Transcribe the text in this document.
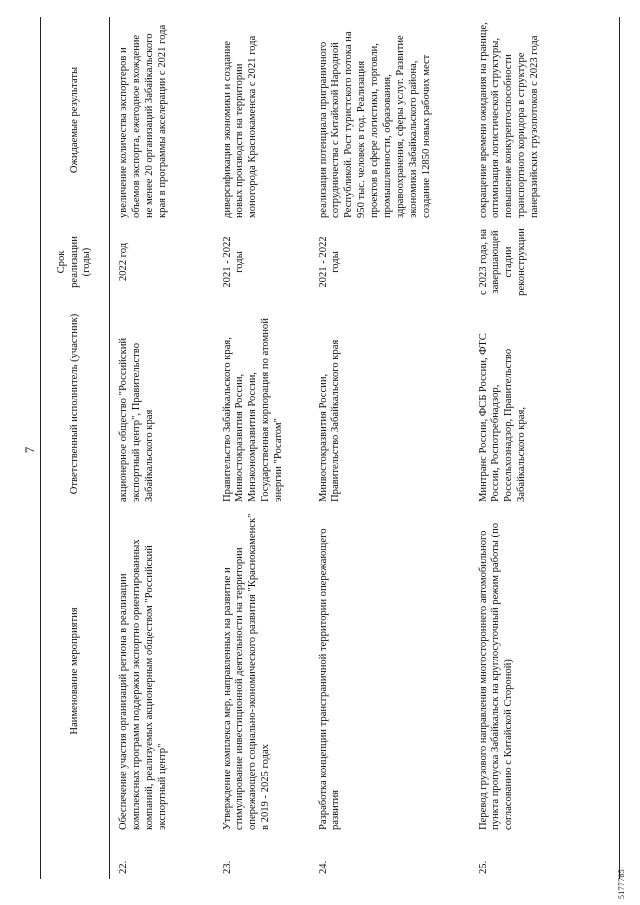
7
	Наименование мероприятия	Ответственный исполнитель (участник)	Срок реализации (годы)	Ожидаемые результаты
22.	Обеспечение участия организаций региона в реализации комплексных программ поддержки экспортно ориентированных компаний, реализуемых акционерным обществом "Российский экспортный центр"	акционерное общество "Российский экспортный центр", Правительство Забайкальского края	2022 год	увеличение количества экспортеров и объемов экспорта, ежегодное вхождение не менее 20 организаций Забайкальского края в программы акселерации с 2021 года
23.	Утверждение комплекса мер, направленных на развитие и стимулирование инвестиционной деятельности на территории опережающего социально-экономического развития "Краснокаменск" в 2019 - 2025 годах	Правительство Забайкальского края, Минвостокразвития России, Минэкономразвития России, Государственная корпорация по атомной энергии "Росатом"	2021 - 2022 годы	диверсификация экономики и создание новых производств на территории моногорода Краснокаменска с 2021 года
24.	Разработка концепции трансграничной территории опережающего развития	Минвостокразвития России, Правительство Забайкальского края	2021 - 2022 годы	реализация потенциала приграничного сотрудничества с Китайской Народной Республикой. Рост туристского потока на 950 тыс. человек в год. Реализация проектов в сфере логистики, торговли, промышленности, образования, здравоохранения, сферы услуг. Развитие экономики Забайкальского района, создание 12850 новых рабочих мест
25.	Перевод грузового направления многостороннего автомобильного пункта пропуска Забайкальск на круглосуточный режим работы (по согласованию с Китайской Стороной)	Минтранс России, ФСБ России, ФТС России, Роспотребнадзор, Россельхознадзор, Правительство Забайкальского края,	с 2023 года, на завершающей стадии реконструкции	сокращение времени ожидания на границе, оптимизация логистической структуры, повышение конкурентоспособности транспортного коридора в структуре панеразийских грузопотоков с 2023 года
5177785
